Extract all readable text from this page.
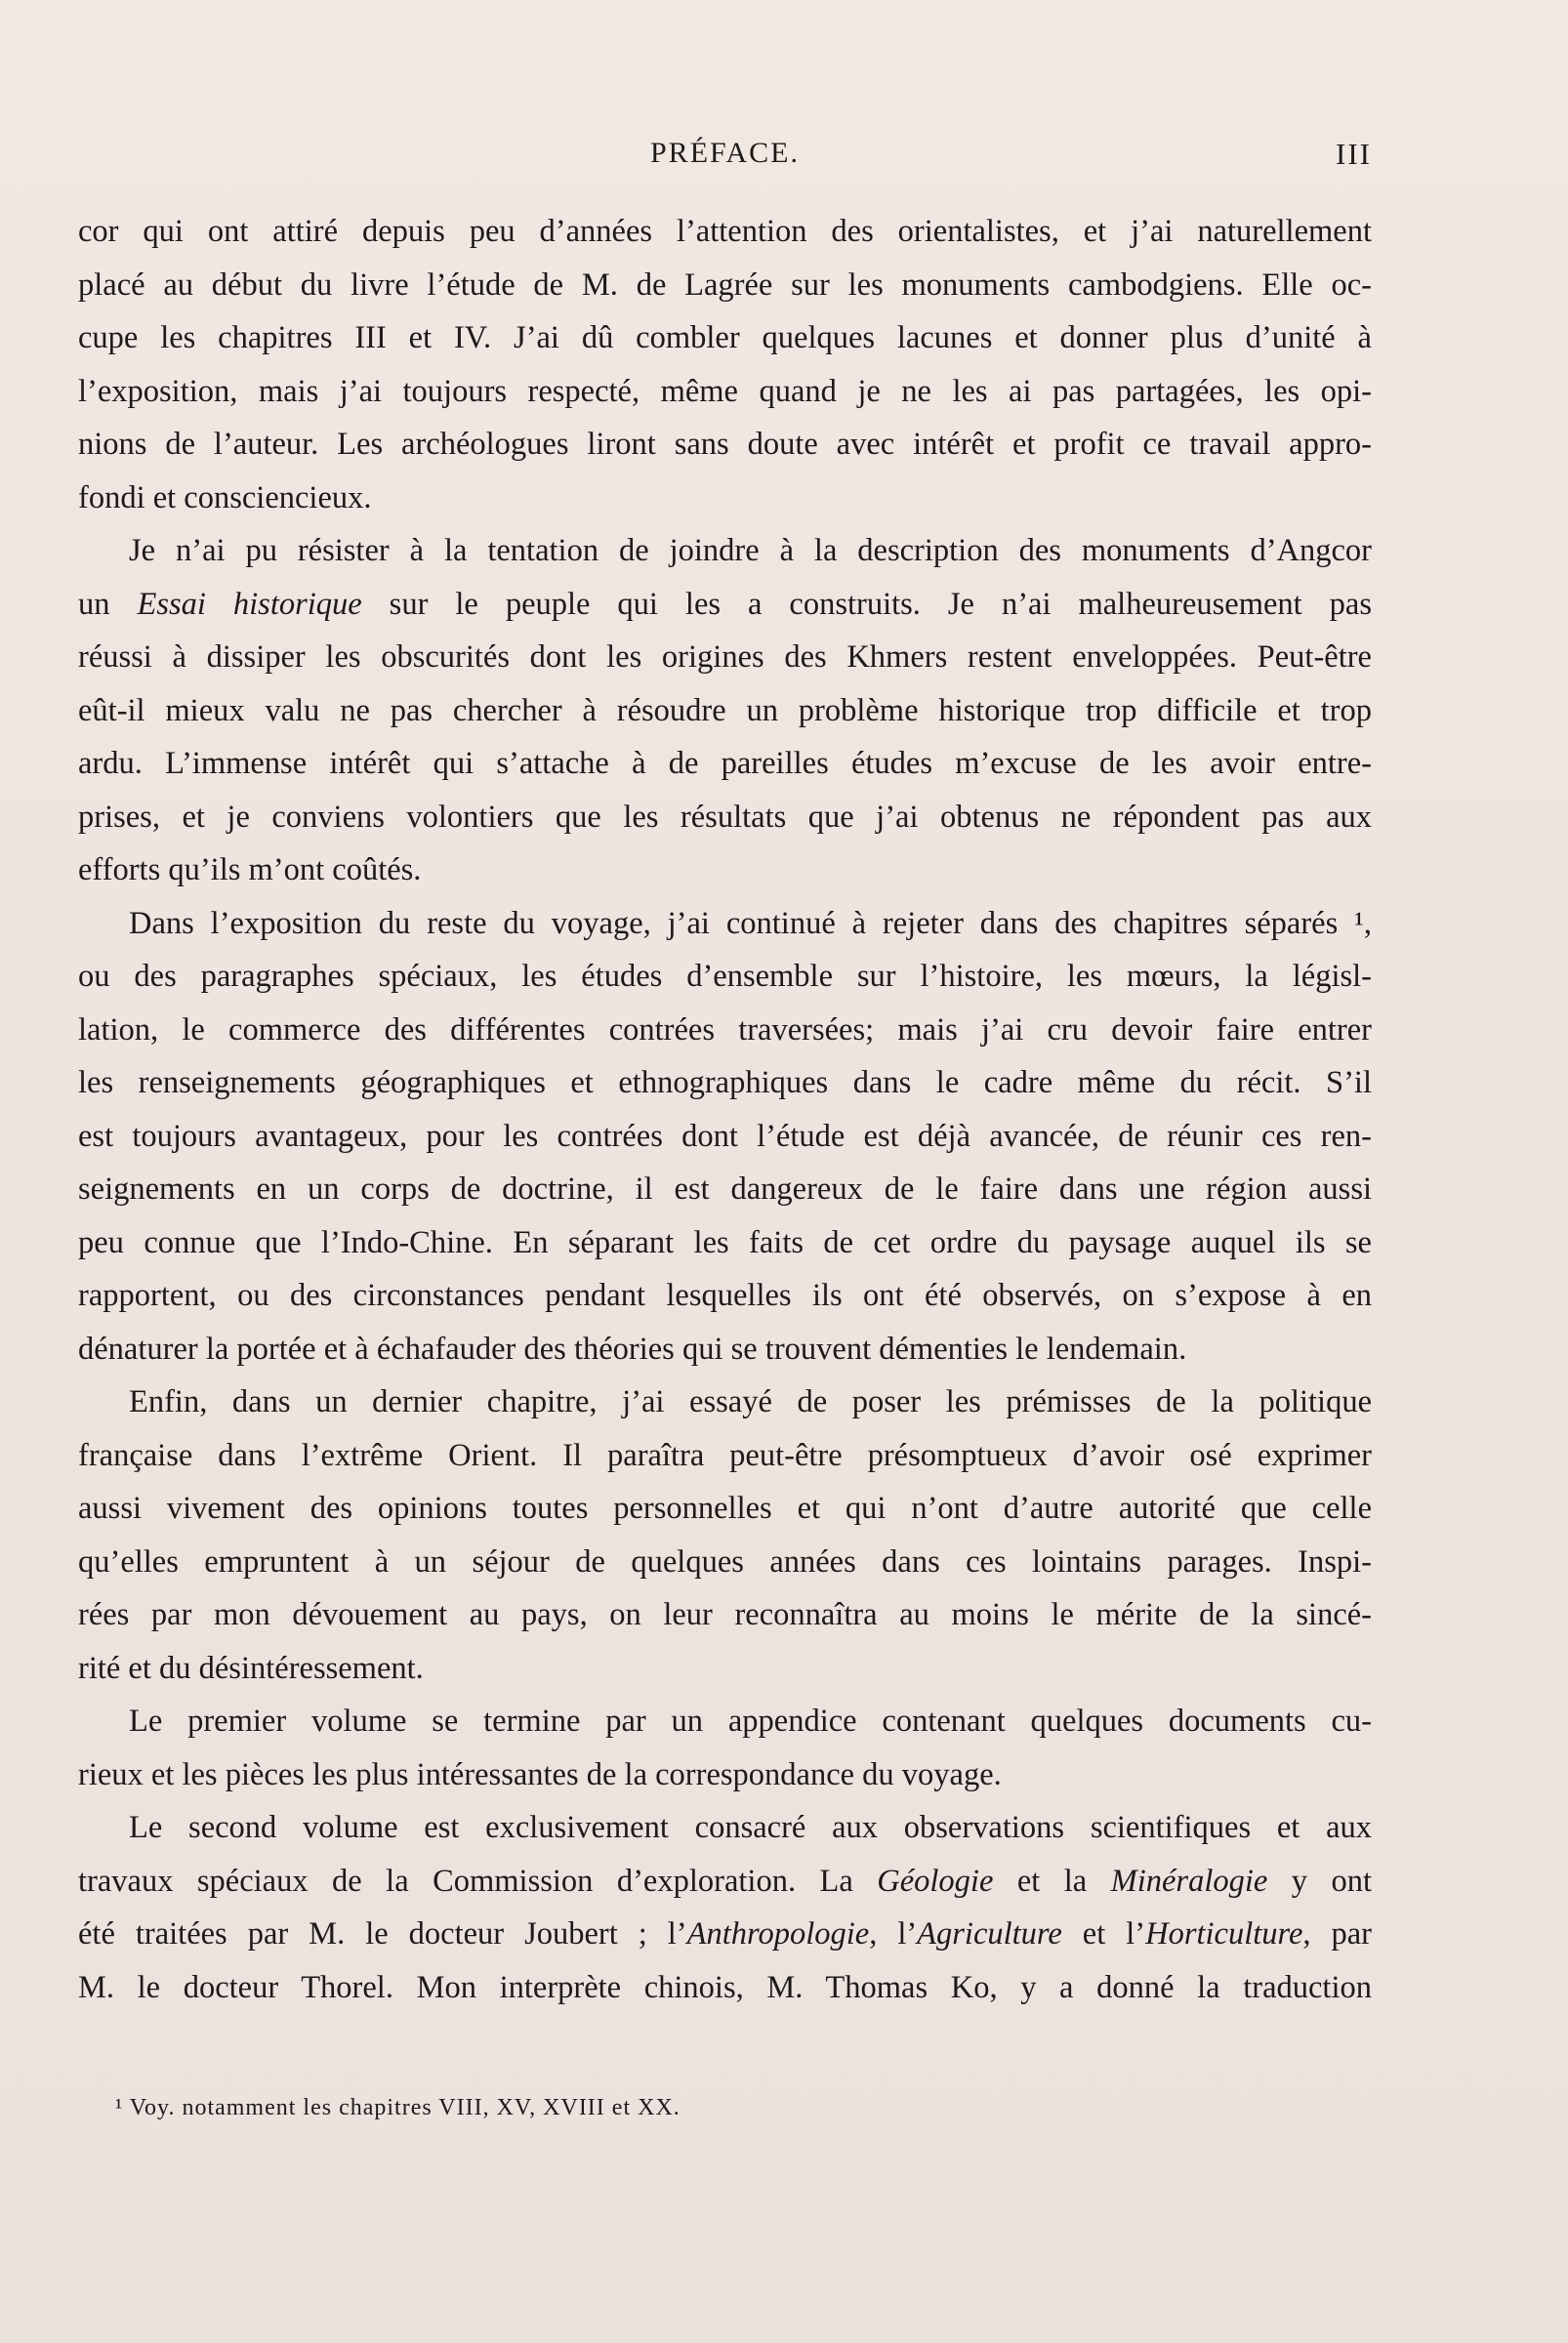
PRÉFACE.	III

cor qui ont attiré depuis peu d’années l’attention des orientalistes, et j’ai naturellement
placé au début du livre l’étude de M. de Lagrée sur les monuments cambodgiens. Elle oc-
cupe les chapitres III et IV. J’ai dû combler quelques lacunes et donner plus d’unité à
l’exposition, mais j’ai toujours respecté, même quand je ne les ai pas partagées, les opi-
nions de l’auteur. Les archéologues liront sans doute avec intérêt et profit ce travail appro-
fondi et consciencieux.

Je n’ai pu résister à la tentation de joindre à la description des monuments d’Angcor
un Essai historique sur le peuple qui les a construits. Je n’ai malheureusement pas
réussi à dissiper les obscurités dont les origines des Khmers restent enveloppées. Peut-être
eût-il mieux valu ne pas chercher à résoudre un problème historique trop difficile et trop
ardu. L’immense intérêt qui s’attache à de pareilles études m’excuse de les avoir entre-
prises, et je conviens volontiers que les résultats que j’ai obtenus ne répondent pas aux
efforts qu’ils m’ont coûtés.

Dans l’exposition du reste du voyage, j’ai continué à rejeter dans des chapitres séparés ¹,
ou des paragraphes spéciaux, les études d’ensemble sur l’histoire, les mœurs, la législ-
lation, le commerce des différentes contrées traversées; mais j’ai cru devoir faire entrer
les renseignements géographiques et ethnographiques dans le cadre même du récit. S’il
est toujours avantageux, pour les contrées dont l’étude est déjà avancée, de réunir ces ren-
seignements en un corps de doctrine, il est dangereux de le faire dans une région aussi
peu connue que l’Indo-Chine. En séparant les faits de cet ordre du paysage auquel ils se
rapportent, ou des circonstances pendant lesquelles ils ont été observés, on s’expose à en
dénaturer la portée et à échafauder des théories qui se trouvent démenties le lendemain.

Enfin, dans un dernier chapitre, j’ai essayé de poser les prémisses de la politique
française dans l’extrême Orient. Il paraîtra peut-être présomptueux d’avoir osé exprimer
aussi vivement des opinions toutes personnelles et qui n’ont d’autre autorité que celle
qu’elles empruntent à un séjour de quelques années dans ces lointains parages. Inspi-
rées par mon dévouement au pays, on leur reconnaîtra au moins le mérite de la sincé-
rité et du désintéressement.

Le premier volume se termine par un appendice contenant quelques documents cu-
rieux et les pièces les plus intéressantes de la correspondance du voyage.

Le second volume est exclusivement consacré aux observations scientifiques et aux
travaux spéciaux de la Commission d’exploration. La Géologie et la Minéralogie y ont
été traitées par M. le docteur Joubert ; l’Anthropologie, l’Agriculture et l’Horticulture, par
M. le docteur Thorel. Mon interprète chinois, M. Thomas Ko, y a donné la traduction

¹ Voy. notamment les chapitres VIII, XV, XVIII et XX.
